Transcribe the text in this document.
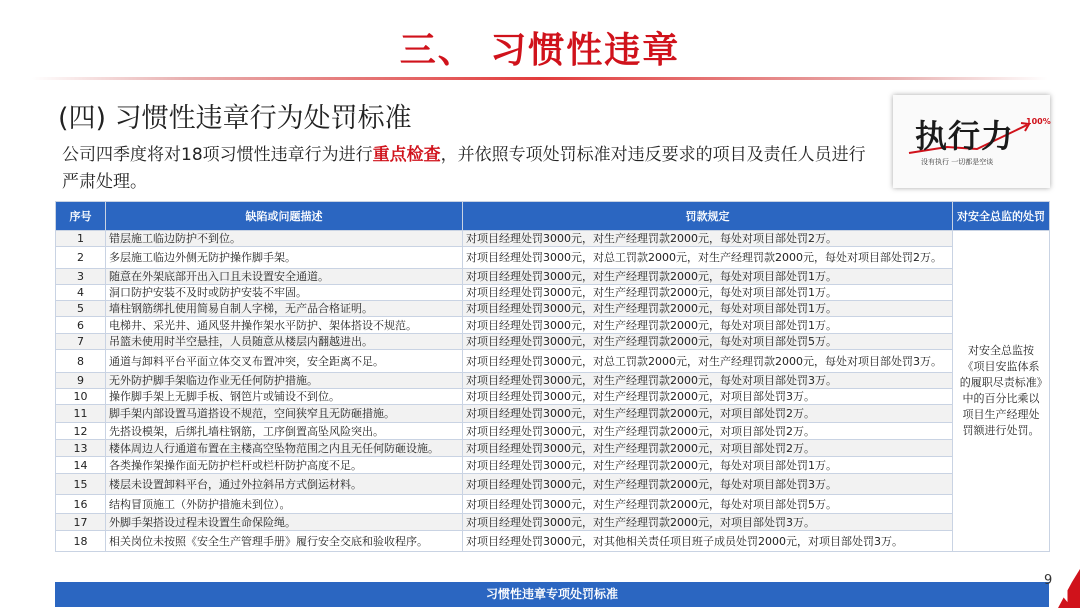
三、 习惯性违章
(四) 习惯性违章行为处罚标准
公司四季度将对18项习惯性违章行为进行重点检查，并依照专项处罚标准对违反要求的项目及责任人员进行严肃处理。
执行力 100%
没有执行 一切都是空谈
序号	缺陷或问题描述	罚款规定	对安全总监的处罚
1	错层施工临边防护不到位。	对项目经理处罚3000元，对生产经理罚款2000元，每处对项目部处罚2万。	对安全总监按《项目安监体系的履职尽责标准》中的百分比乘以项目生产经理处罚额进行处罚。
2	多层施工临边外侧无防护操作脚手架。	对项目经理处罚3000元，对总工罚款2000元，对生产经理罚款2000元，每处对项目部处罚2万。	
3	随意在外架底部开出入口且未设置安全通道。	对项目经理处罚3000元，对生产经理罚款2000元，每处对项目部处罚1万。	
4	洞口防护安装不及时或防护安装不牢固。	对项目经理处罚3000元，对生产经理罚款2000元，每处对项目部处罚1万。	
5	墙柱钢筋绑扎使用简易自制人字梯，无产品合格证明。	对项目经理处罚3000元，对生产经理罚款2000元，每处对项目部处罚1万。	
6	电梯井、采光井、通风竖井操作架水平防护、架体搭设不规范。	对项目经理处罚3000元，对生产经理罚款2000元，每处对项目部处罚1万。	
7	吊篮未使用时半空悬挂，人员随意从楼层内翻越进出。	对项目经理处罚3000元，对生产经理罚款2000元，每处对项目部处罚5万。	
8	通道与卸料平台平面立体交叉布置冲突，安全距离不足。	对项目经理处罚3000元，对总工罚款2000元，对生产经理罚款2000元，每处对项目部处罚3万。	
9	无外防护脚手架临边作业无任何防护措施。	对项目经理处罚3000元，对生产经理罚款2000元，每处对项目部处罚3万。	
10	操作脚手架上无脚手板、钢笆片或铺设不到位。	对项目经理处罚3000元，对生产经理罚款2000元，对项目部处罚3万。	
11	脚手架内部设置马道搭设不规范，空间狭窄且无防砸措施。	对项目经理处罚3000元，对生产经理罚款2000元，对项目部处罚2万。	
12	先搭设模架，后绑扎墙柱钢筋，工序倒置高坠风险突出。	对项目经理处罚3000元，对生产经理罚款2000元，对项目部处罚2万。	
13	楼体周边人行通道布置在主楼高空坠物范围之内且无任何防砸设施。	对项目经理处罚3000元，对生产经理罚款2000元，对项目部处罚2万。	
14	各类操作架操作面无防护栏杆或栏杆防护高度不足。	对项目经理处罚3000元，对生产经理罚款2000元，每处对项目部处罚1万。	
15	楼层未设置卸料平台，通过外拉斜吊方式倒运材料。	对项目经理处罚3000元，对生产经理罚款2000元，每处对项目部处罚3万。	
16	结构冒顶施工（外防护措施未到位）。	对项目经理处罚3000元，对生产经理罚款2000元，每处对项目部处罚5万。	
17	外脚手架搭设过程未设置生命保险绳。	对项目经理处罚3000元，对生产经理罚款2000元，对项目部处罚3万。	
18	相关岗位未按照《安全生产管理手册》履行安全交底和验收程序。	对项目经理处罚3000元，对其他相关责任项目班子成员处罚2000元，对项目部处罚3万。	
习惯性违章专项处罚标准
9
